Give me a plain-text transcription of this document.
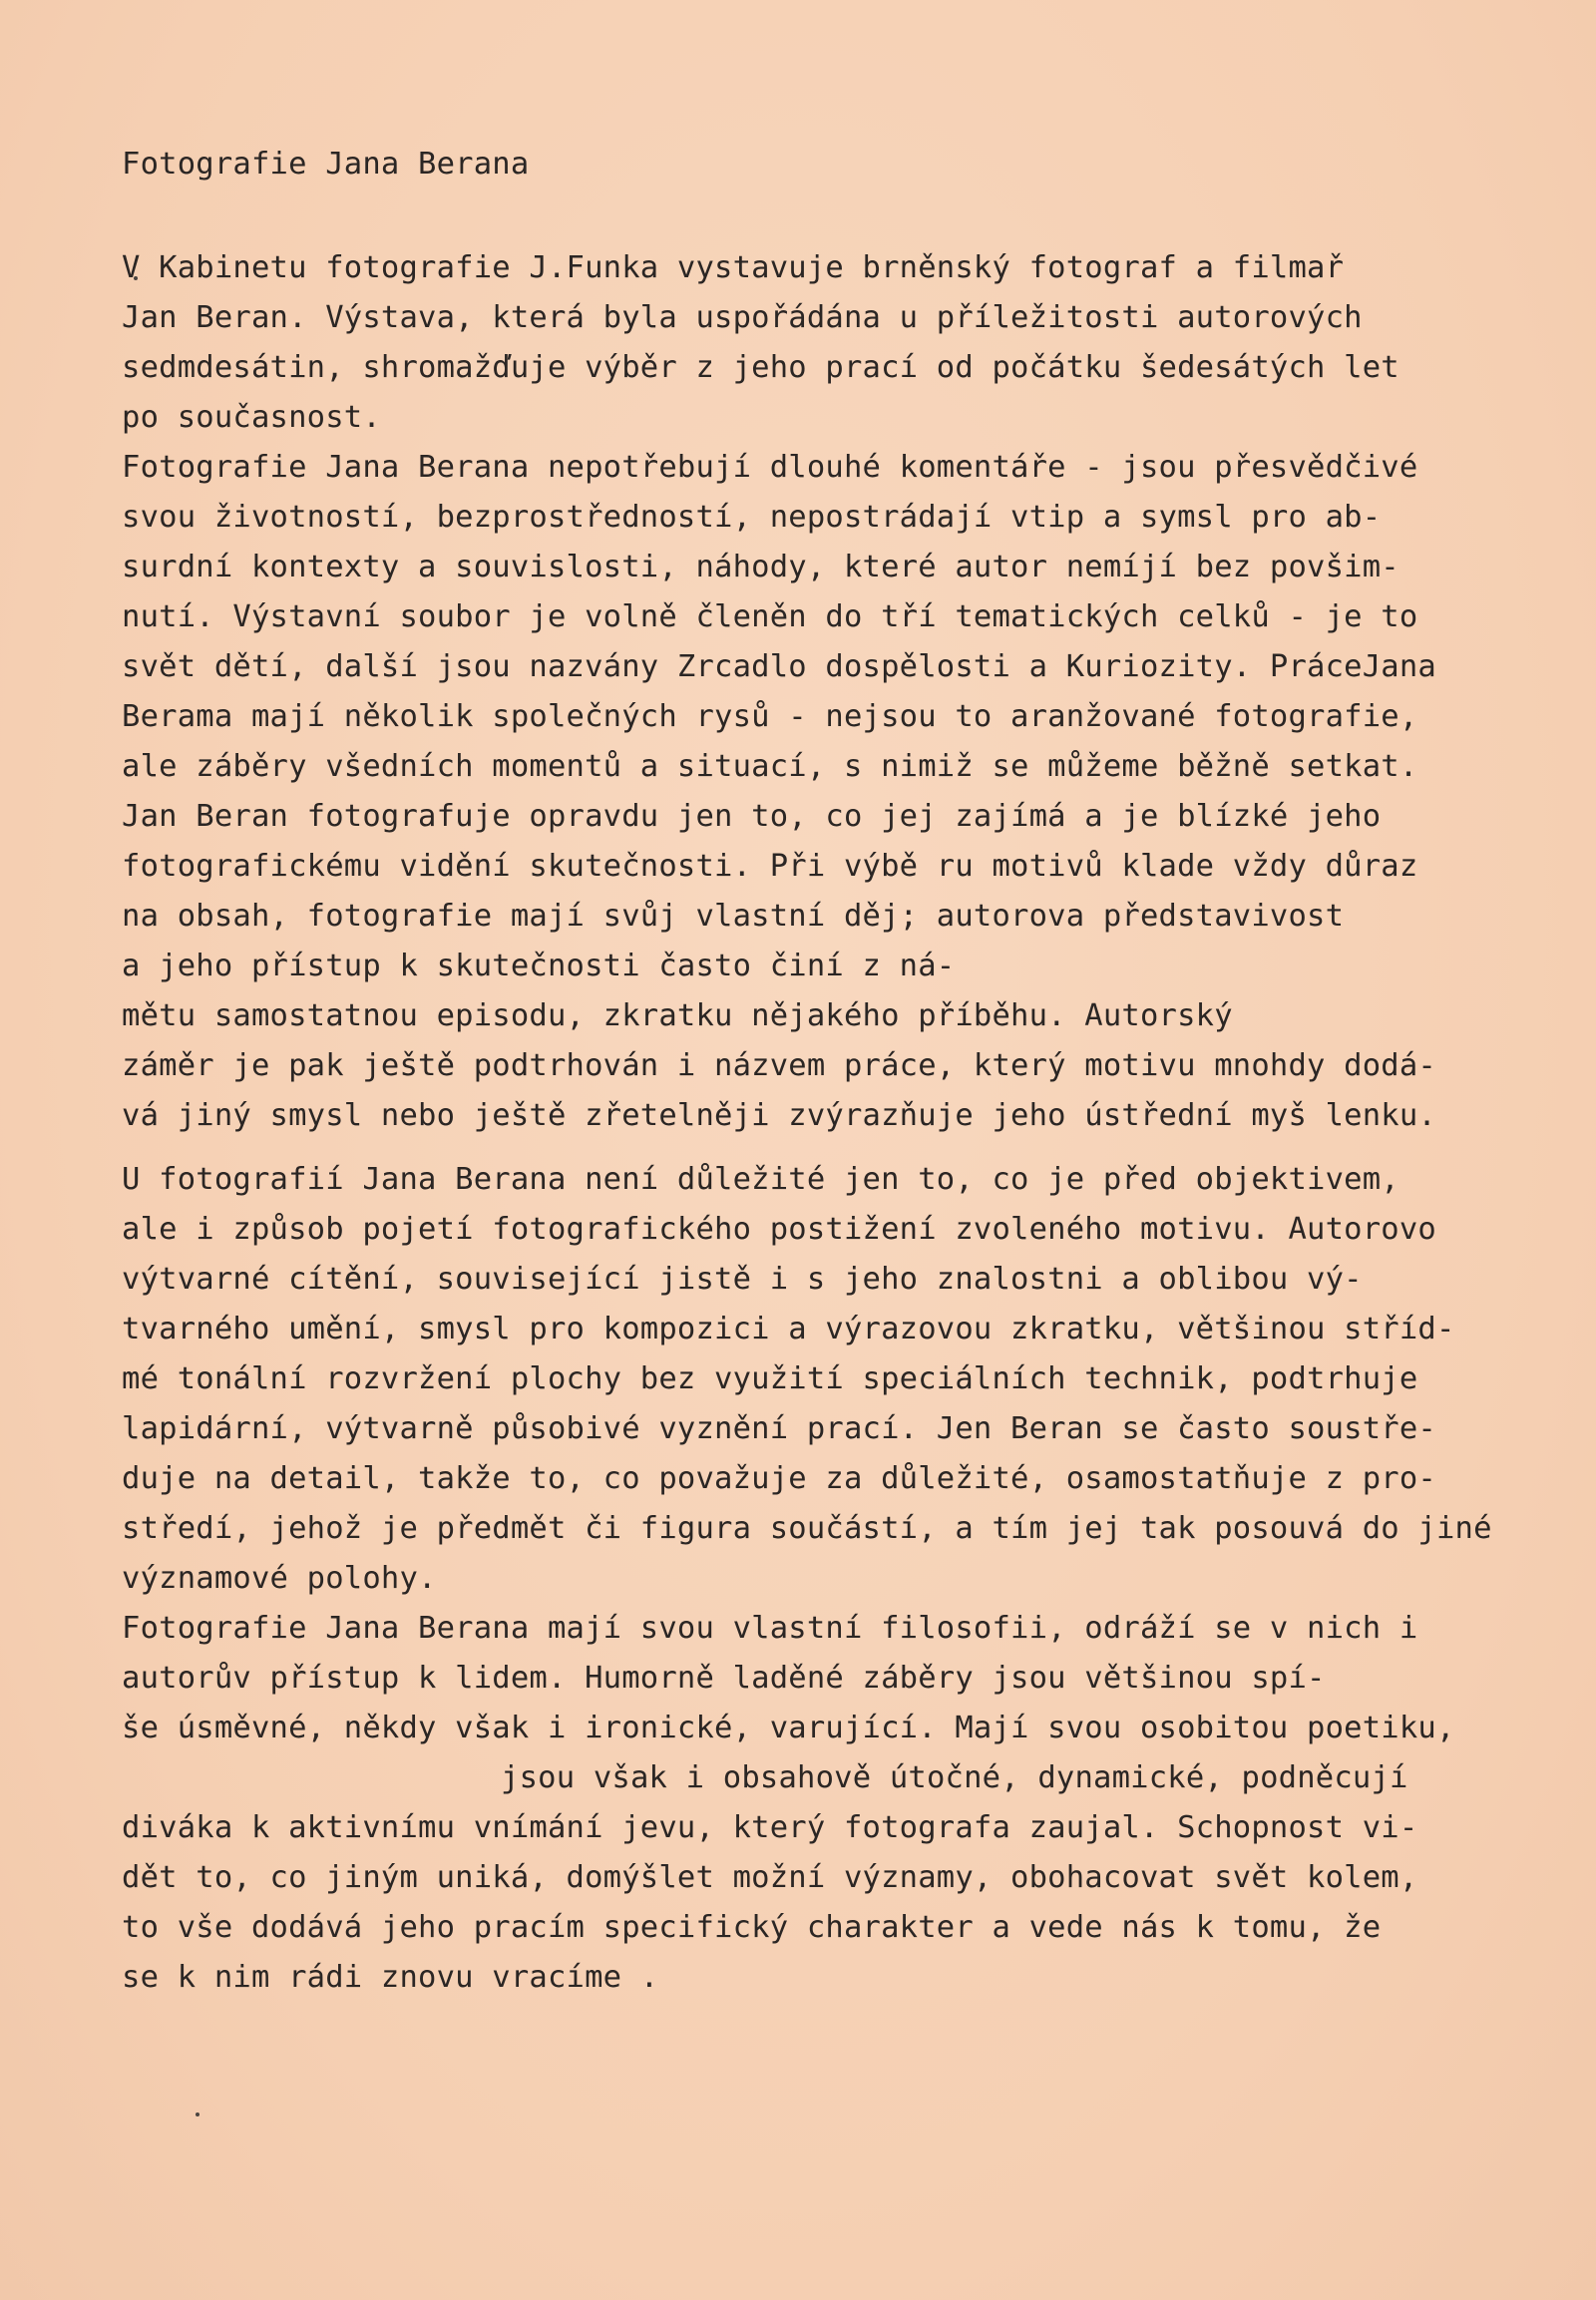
Fotografie Jana Berana
V Kabinetu fotografie J.Funka vystavuje brněnský fotograf a filmař
Jan Beran. Výstava, která byla uspořádána u příležitosti autorových
sedmdesátin, shromažďuje výběr z jeho prací od počátku šedesátých let
po současnost.
Fotografie Jana Berana nepotřebují dlouhé komentáře - jsou přesvědčivé
svou životností, bezprostředností, nepostrádají vtip a symsl pro ab-
surdní kontexty a souvislosti, náhody, které autor nemíjí bez povšim-
nutí. Výstavní soubor je volně členěn do tří tematických celků - je to
svět dětí, další jsou nazvány Zrcadlo dospělosti a Kuriozity. PráceJana
Berama mají několik společných rysů - nejsou to aranžované fotografie,
ale záběry všedních momentů a situací, s nimiž se můžeme běžně setkat.
Jan Beran fotografuje opravdu jen to, co jej zajímá a je blízké jeho
fotografickému vidění skutečnosti. Při výbě ru motivů klade vždy důraz
na obsah, fotografie mají svůj vlastní děj; autorova představivost
a jeho přístup k skutečnosti často činí z ná-
mětu samostatnou episodu, zkratku nějakého příběhu. Autorský
záměr je pak ještě podtrhován i názvem práce, který motivu mnohdy dodá-
vá jiný smysl nebo ještě zřetelněji zvýrazňuje jeho ústřední myš lenku.
U fotografií Jana Berana není důležité jen to, co je před objektivem,
ale i způsob pojetí fotografického postižení zvoleného motivu. Autorovo
výtvarné cítění, související jistě i s jeho znalostni a oblibou vý-
tvarného umění, smysl pro kompozici a výrazovou zkratku, většinou stříd-
mé tonální rozvržení plochy bez využití speciálních technik, podtrhuje
lapidární, výtvarně působivé vyznění prací. Jen Beran se často soustře-
duje na detail, takže to, co považuje za důležité, osamostatňuje z pro-
středí, jehož je předmět či figura součástí, a tím jej tak posouvá do jiné
významové polohy.
Fotografie Jana Berana mají svou vlastní filosofii, odráží se v nich i
autorův přístup k lidem. Humorně laděné záběry jsou většinou spí-
še úsměvné, někdy však i ironické, varující. Mají svou osobitou poetiku,
jsou však i obsahově útočné, dynamické, podněcují
diváka k aktivnímu vnímání jevu, který fotografa zaujal. Schopnost vi-
dět to, co jiným uniká, domýšlet možní významy, obohacovat svět kolem,
to vše dodává jeho pracím specifický charakter a vede nás k tomu, že
se k nim rádi znovu vracíme .
